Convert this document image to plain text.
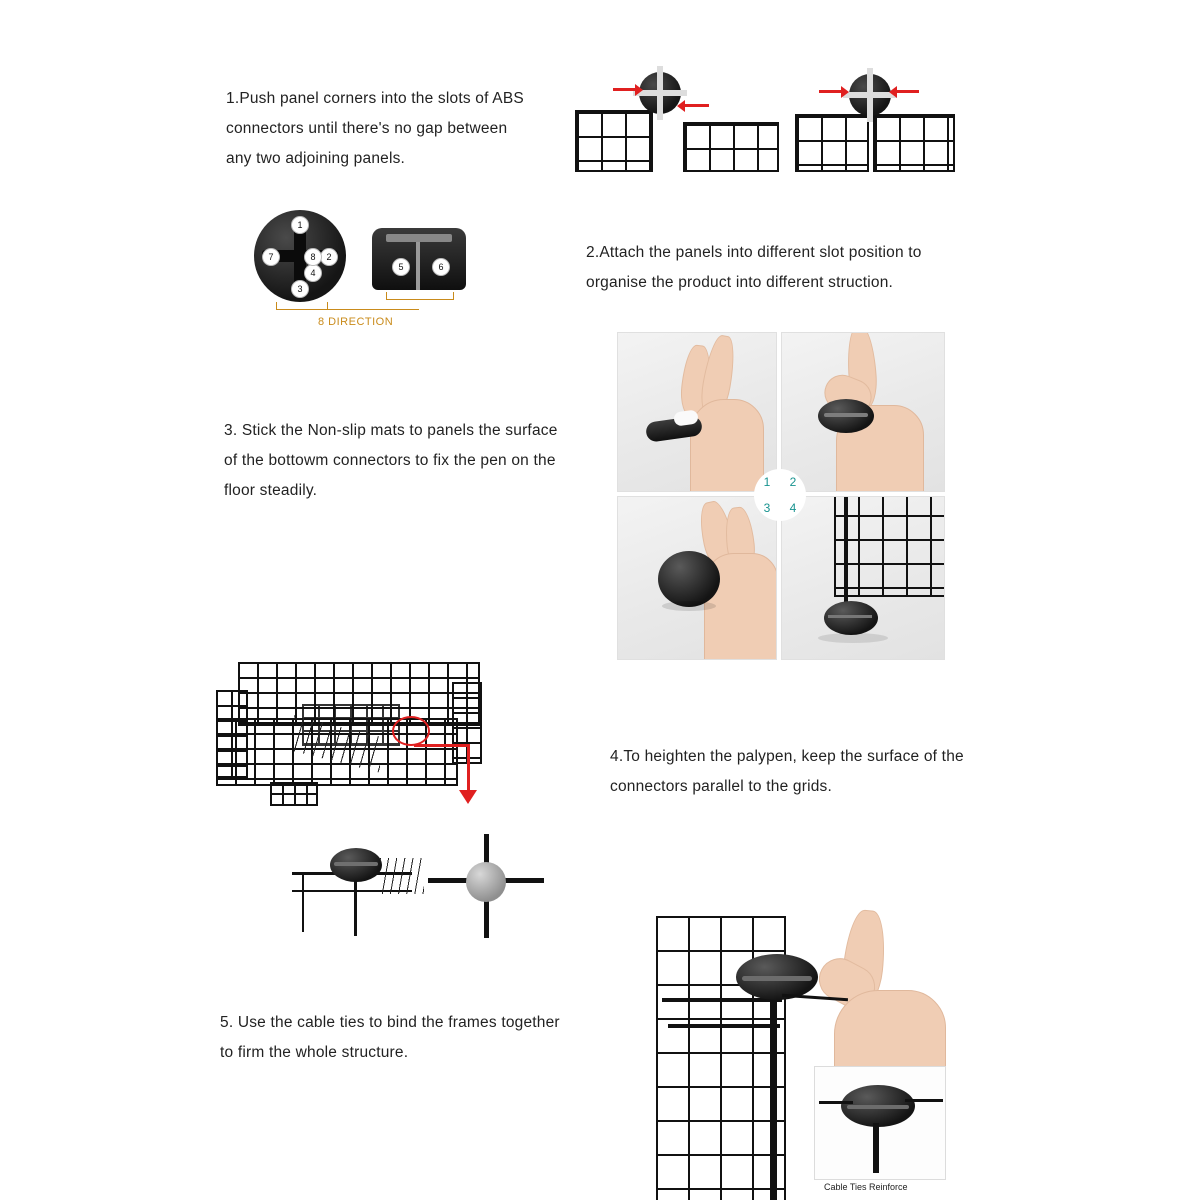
1.Push panel corners into the slots of ABS
connectors until there's no gap between
any two adjoining panels.
1
2
3
4
7	8
5	6
8 DIRECTION
2.Attach the panels into different slot position to
organise the product into different struction.
3. Stick the Non-slip mats to panels the surface
of the bottowm connectors to fix the pen on the
floor steadily.	1 2
3 4
4.To heighten the palypen, keep the surface of the
connectors parallel to the grids.
5. Use the cable ties to bind the frames together
to firm the whole structure.
Cable Ties Reinforce
